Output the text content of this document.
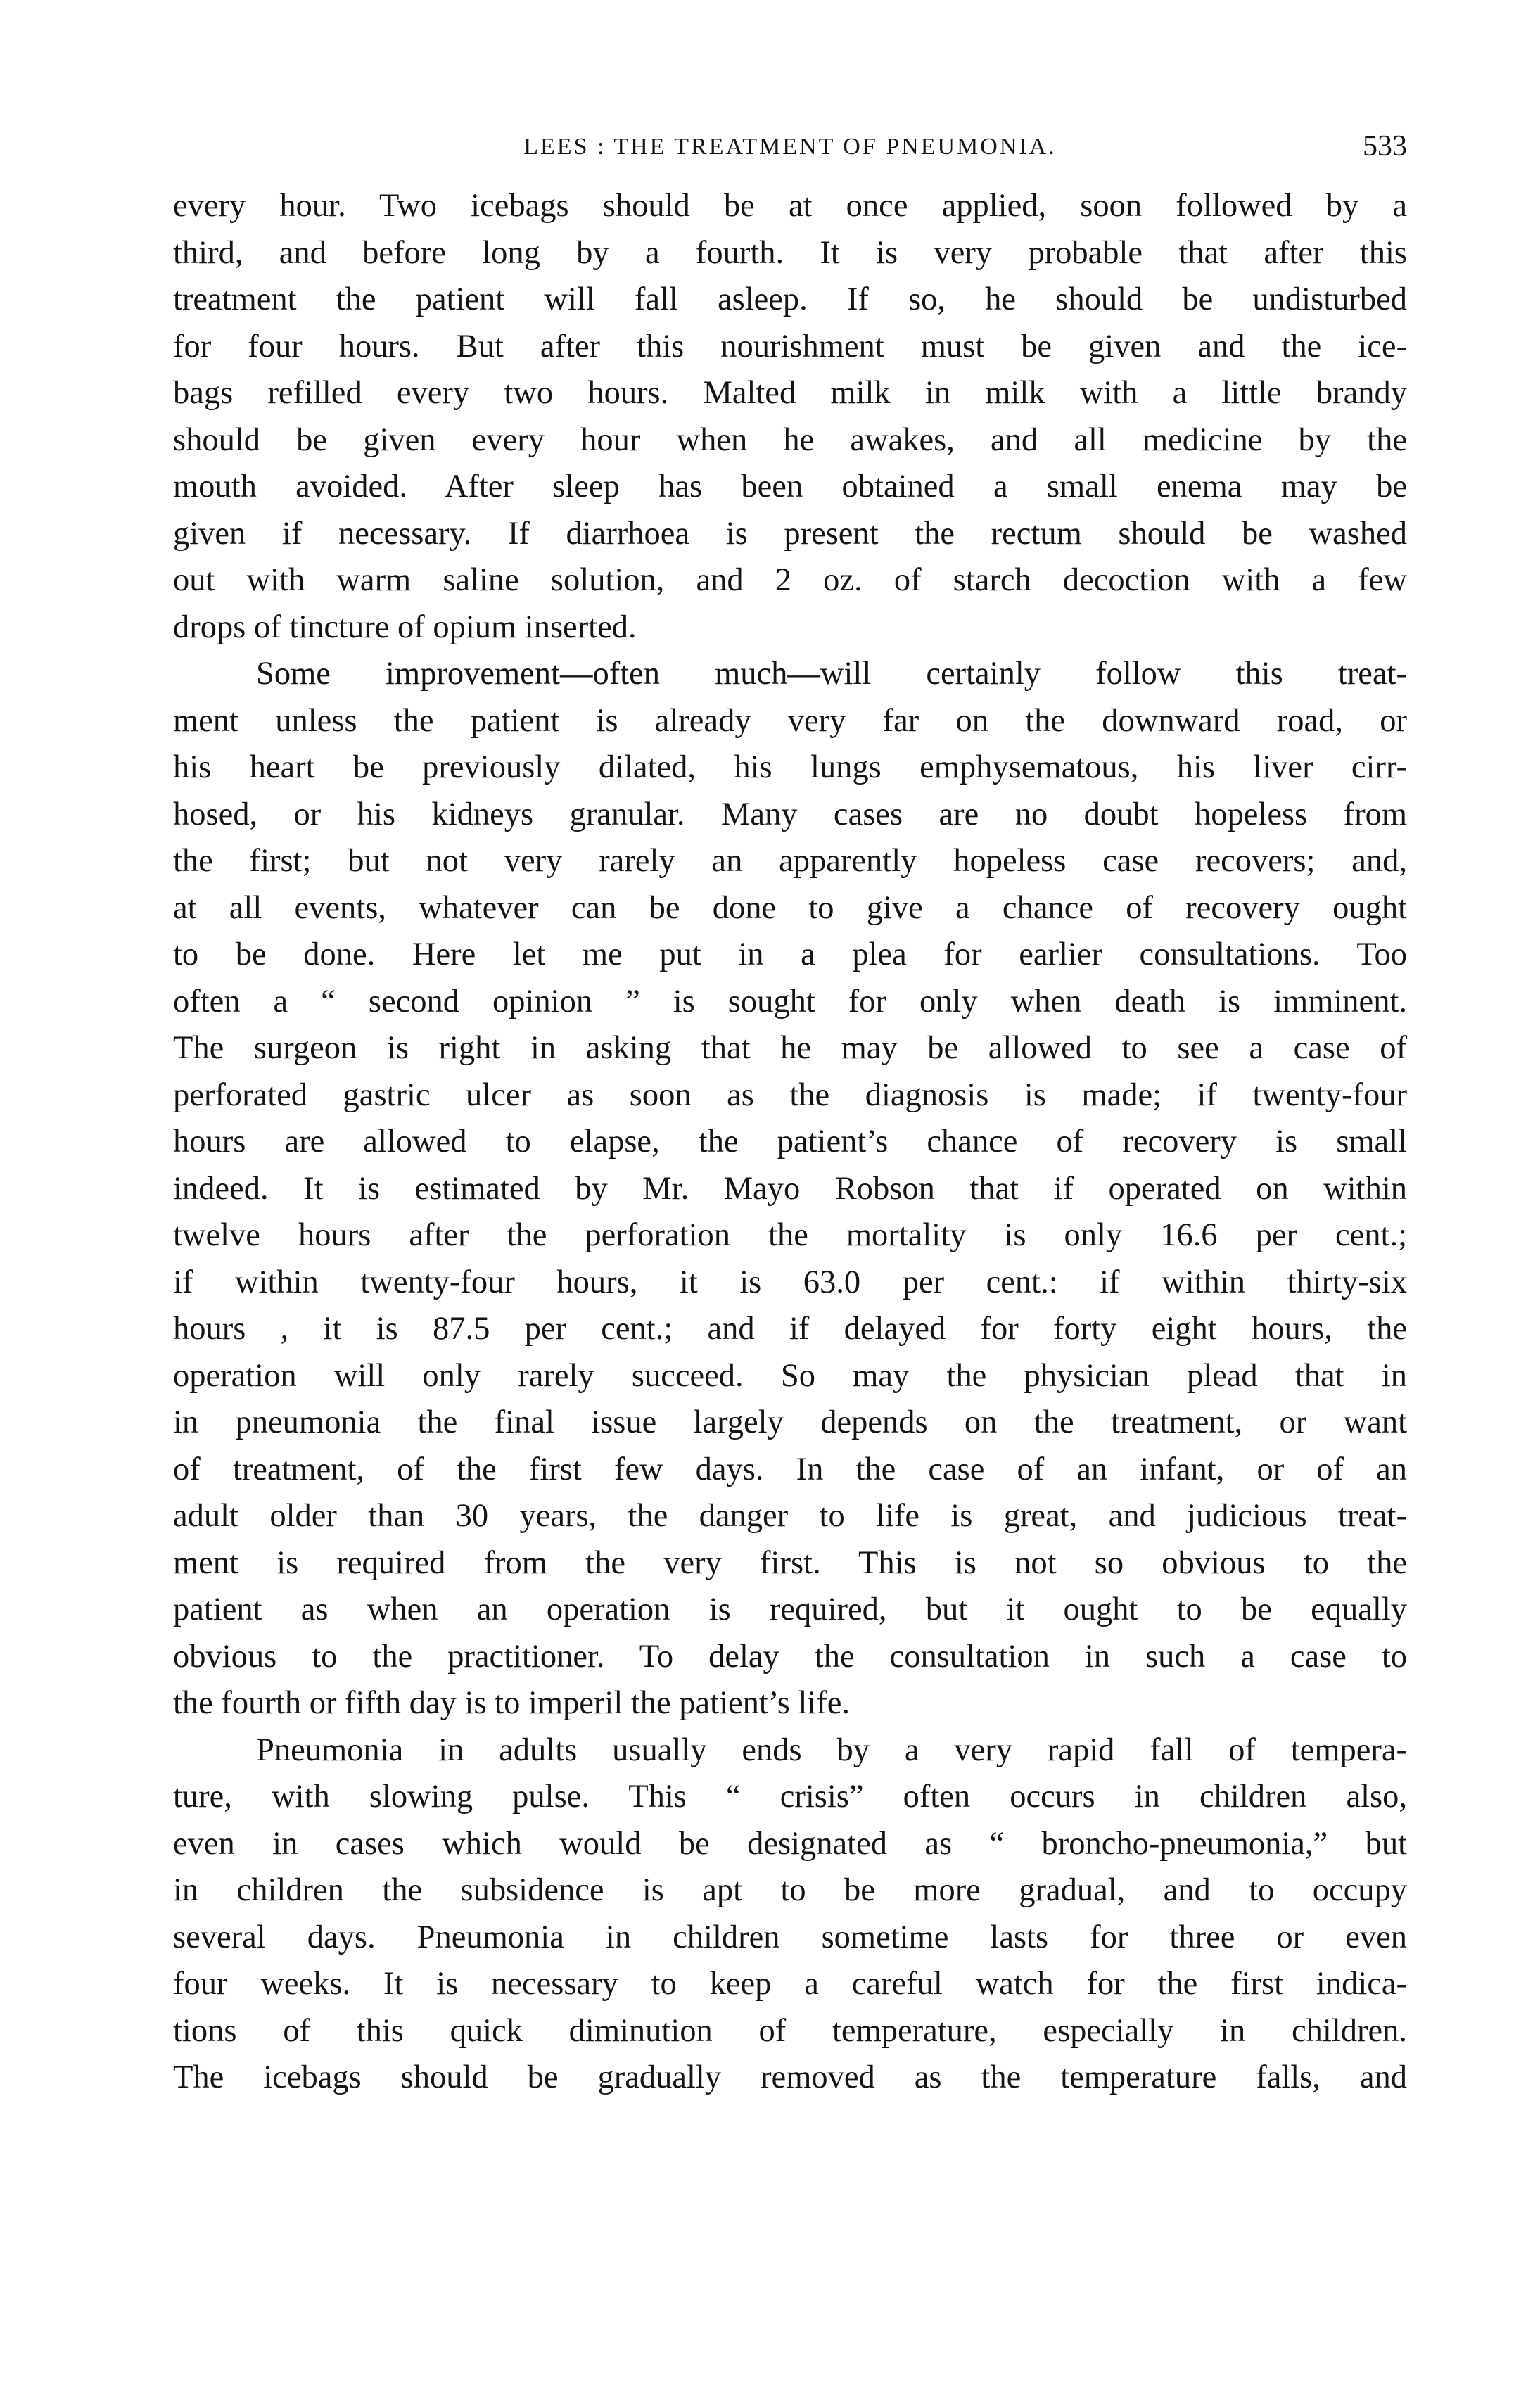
LEES : THE TREATMENT OF PNEUMONIA.	533
every hour. Two icebags should be at once applied, soon followed by a
third, and before long by a fourth. It is very probable that after this
treatment the patient will fall asleep. If so, he should be undisturbed
for four hours. But after this nourishment must be given and the ice-
bags refilled every two hours. Malted milk in milk with a little brandy
should be given every hour when he awakes, and all medicine by the
mouth avoided. After sleep has been obtained a small enema may be
given if necessary. If diarrhoea is present the rectum should be washed
out with warm saline solution, and 2 oz. of starch decoction with a few
drops of tincture of opium inserted.
Some improvement—often much—will certainly follow this treat-
ment unless the patient is already very far on the downward road, or
his heart be previously dilated, his lungs emphysematous, his liver cirr-
hosed, or his kidneys granular. Many cases are no doubt hopeless from
the first; but not very rarely an apparently hopeless case recovers; and,
at all events, whatever can be done to give a chance of recovery ought
to be done. Here let me put in a plea for earlier consultations. Too
often a “ second opinion ” is sought for only when death is imminent.
The surgeon is right in asking that he may be allowed to see a case of
perforated gastric ulcer as soon as the diagnosis is made; if twenty-four
hours are allowed to elapse, the patient’s chance of recovery is small
indeed. It is estimated by Mr. Mayo Robson that if operated on within
twelve hours after the perforation the mortality is only 16.6 per cent.;
if within twenty-four hours, it is 63.0 per cent.: if within thirty-six
hours , it is 87.5 per cent.; and if delayed for forty eight hours, the
operation will only rarely succeed. So may the physician plead that in
in pneumonia the final issue largely depends on the treatment, or want
of treatment, of the first few days. In the case of an infant, or of an
adult older than 30 years, the danger to life is great, and judicious treat-
ment is required from the very first. This is not so obvious to the
patient as when an operation is required, but it ought to be equally
obvious to the practitioner. To delay the consultation in such a case to
the fourth or fifth day is to imperil the patient’s life.
Pneumonia in adults usually ends by a very rapid fall of tempera-
ture, with slowing pulse. This “ crisis” often occurs in children also,
even in cases which would be designated as “ broncho-pneumonia,” but
in children the subsidence is apt to be more gradual, and to occupy
several days. Pneumonia in children sometime lasts for three or even
four weeks. It is necessary to keep a careful watch for the first indica-
tions of this quick diminution of temperature, especially in children.
The icebags should be gradually removed as the temperature falls, and
